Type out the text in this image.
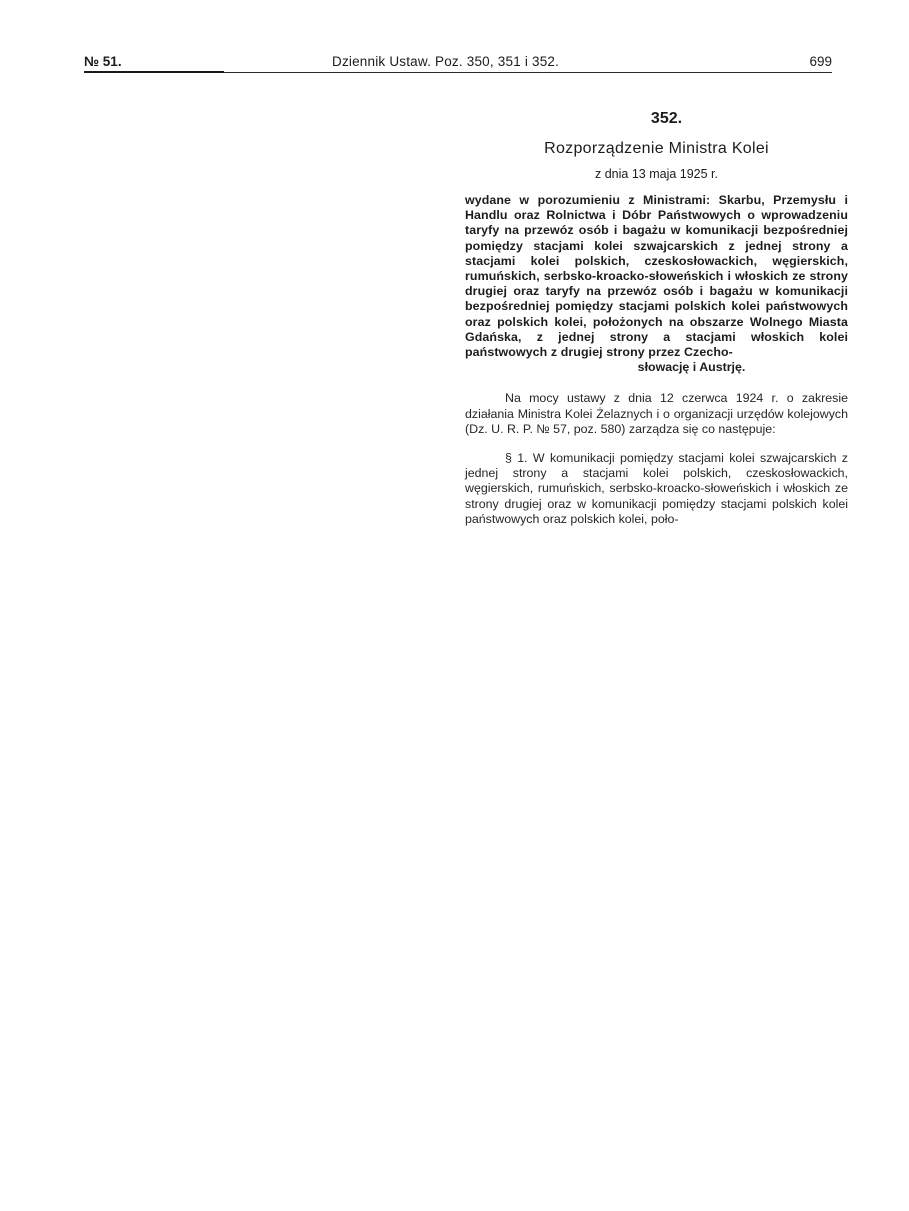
№ 51.	Dziennik Ustaw. Poz. 350, 351 i 352.	699
352.
Rozporządzenie Ministra Kolei
z dnia 13 maja 1925 r.

wydane w porozumieniu z Ministrami: Skarbu, Przemysłu i Handlu oraz Rolnictwa i Dóbr Państwowych o wprowadzeniu taryfy na przewóz osób i bagażu w komunikacji bezpośredniej pomiędzy stacjami kolei szwajcarskich z jednej strony a stacjami kolei polskich, czeskosłowackich, węgierskich, rumuńskich, serbsko-kroacko-słoweńskich i włoskich ze strony drugiej oraz taryfy na przewóz osób i bagażu w komunikacji bezpośredniej pomiędzy stacjami polskich kolei państwowych oraz polskich kolei, położonych na obszarze Wolnego Miasta Gdańska, z jednej strony a stacjami włoskich kolei państwowych z drugiej strony przez Czecho-

słowację i Austrję.

Na mocy ustawy z dnia 12 czerwca 1924 r. o zakresie działania Ministra Kolei Żelaznych i o organizacji urzędów kolejowych (Dz. U. R. P. № 57, poz. 580) zarządza się co następuje:

§ 1. W komunikacji pomiędzy stacjami kolei szwajcarskich z jednej strony a stacjami kolei polskich, czeskosłowackich, węgierskich, rumuńskich, serbsko-kroacko-słoweńskich i włoskich ze strony drugiej oraz w komunikacji pomiędzy stacjami polskich kolei państwowych oraz polskich kolei, poło-
